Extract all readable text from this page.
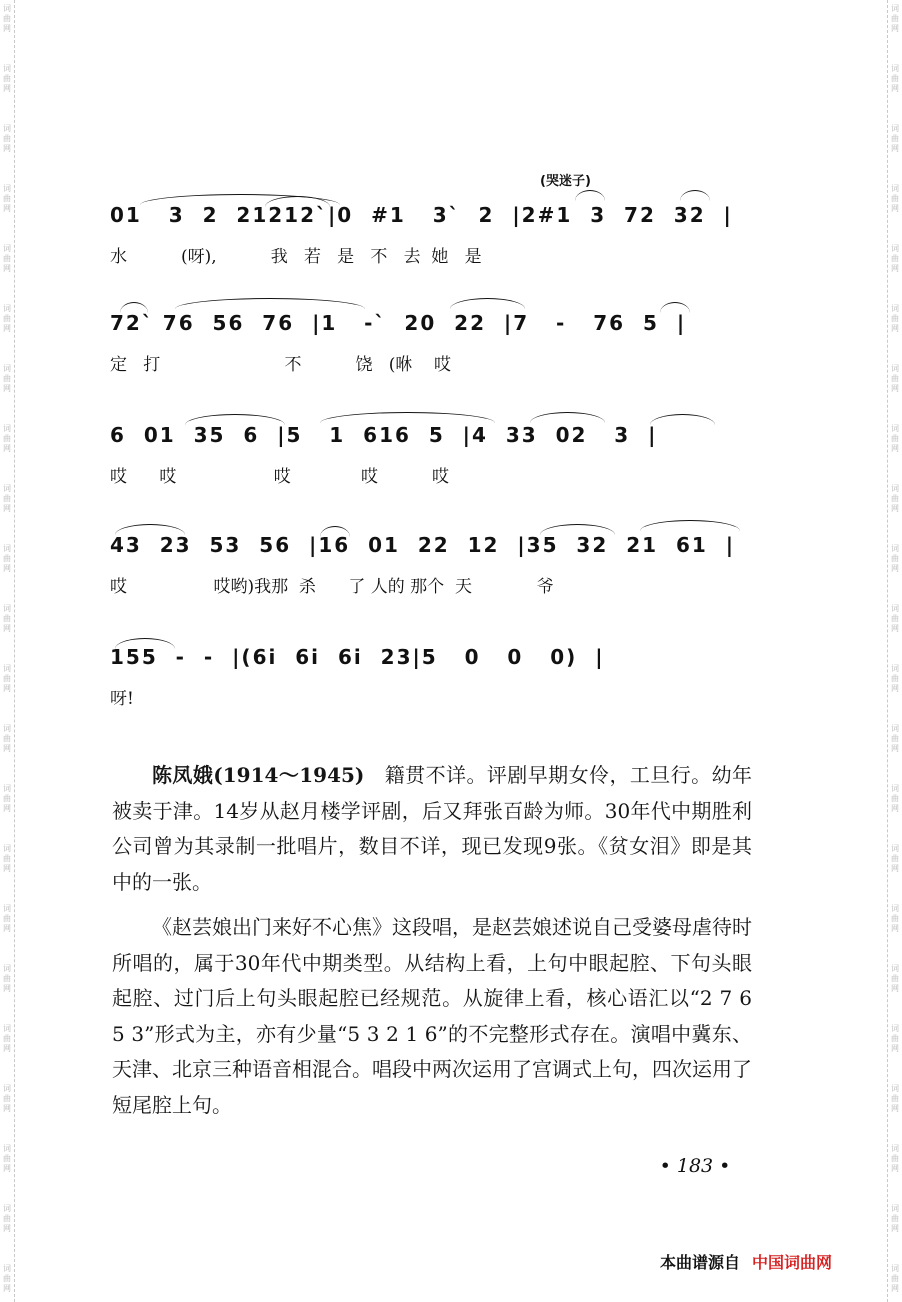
词曲网
词曲网
词曲网
词曲网
词曲网
词曲网
词曲网
词曲网
词曲网
词曲网
词曲网
词曲网
词曲网
词曲网
词曲网
词曲网
词曲网
词曲网
词曲网
词曲网
词曲网
词曲网
词曲网
词曲网
词曲网
词曲网
词曲网
词曲网
词曲网
词曲网
词曲网
词曲网
词曲网
词曲网
词曲网
词曲网
词曲网
词曲网
词曲网
词曲网
词曲网
词曲网
词曲网
词曲网
(哭迷子)
01   3  2  21212`|0  #1   3`  2  |2#1  3  72  32  |
水          (呀),          我   若   是   不   去  她   是
72` 76  56  76  |1   -`  20  22  |7   -   76  5  |
定   打                       不          饶   (咻    哎
6  01  35  6  |5   1  616  5  |4  33  02   3  |
哎      哎                  哎             哎          哎
43  23  53  56  |16  01  22  12  |35  32  21  61  |
哎                哎哟)我那  杀      了 人的 那个  天            爷
155  -  -  |(6i  6i  6i  23|5   0   0   0)  |
呀!

陈凤娥(1914～1945) 籍贯不详。评剧早期女伶，工旦行。幼年被卖于津。14岁从赵月楼学评剧，后又拜张百龄为师。30年代中期胜利公司曾为其录制一批唱片，数目不详，现已发现9张。《贫女泪》即是其中的一张。

《赵芸娘出门来好不心焦》这段唱，是赵芸娘述说自己受婆母虐待时所唱的，属于30年代中期类型。从结构上看，上句中眼起腔、下句头眼起腔、过门后上句头眼起腔已经规范。从旋律上看，核心语汇以“2 7 6 5 3”形式为主，亦有少量“5 3 2 1 6”的不完整形式存在。演唱中冀东、天津、北京三种语音相混合。唱段中两次运用了宫调式上句，四次运用了短尾腔上句。

• 183 •
本曲谱源自 中国词曲网
